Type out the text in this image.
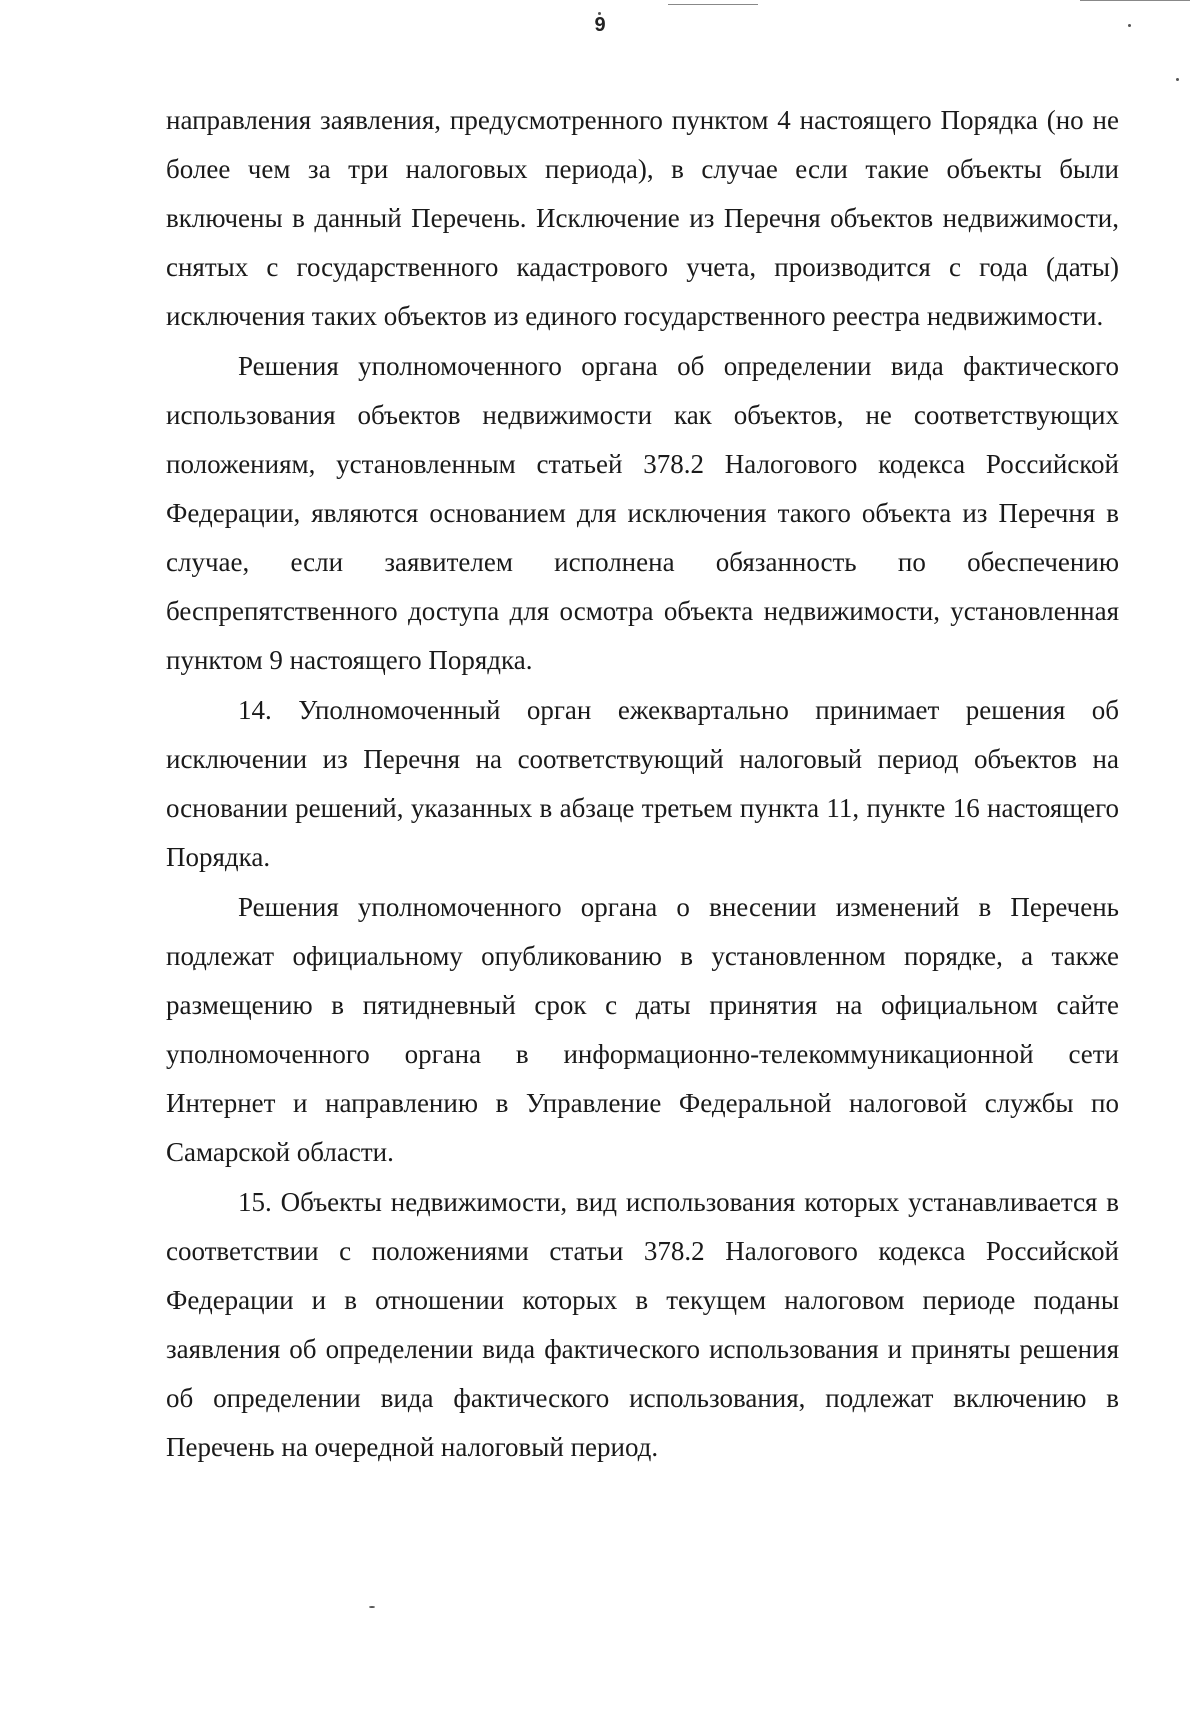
9

направления заявления, предусмотренного пунктом 4 настоящего Порядка (но не более чем за три налоговых периода), в случае если такие объекты были включены в данный Перечень. Исключение из Перечня объектов недвижимости, снятых с государственного кадастрового учета, производится с года (даты) исключения таких объектов из единого государственного реестра недвижимости.

Решения уполномоченного органа об определении вида фактического использования объектов недвижимости как объектов, не соответствующих положениям, установленным статьей 378.2 Налогового кодекса Российской Федерации, являются основанием для исключения такого объекта из Перечня в случае, если заявителем исполнена обязанность по обеспечению беспрепятственного доступа для осмотра объекта недвижимости, установленная пунктом 9 настоящего Порядка.

14. Уполномоченный орган ежеквартально принимает решения об исключении из Перечня на соответствующий налоговый период объектов на основании решений, указанных в абзаце третьем пункта 11, пункте 16 настоящего Порядка.

Решения уполномоченного органа о внесении изменений в Перечень подлежат официальному опубликованию в установленном порядке, а также размещению в пятидневный срок с даты принятия на официальном сайте уполномоченного органа в информационно-телекоммуникационной сети Интернет и направлению в Управление Федеральной налоговой службы по Самарской области.

15. Объекты недвижимости, вид использования которых устанавливается в соответствии с положениями статьи 378.2 Налогового кодекса Российской Федерации и в отношении которых в текущем налоговом периоде поданы заявления об определении вида фактического использования и приняты решения об определении вида фактического использования, подлежат включению в Перечень на очередной налоговый период.
